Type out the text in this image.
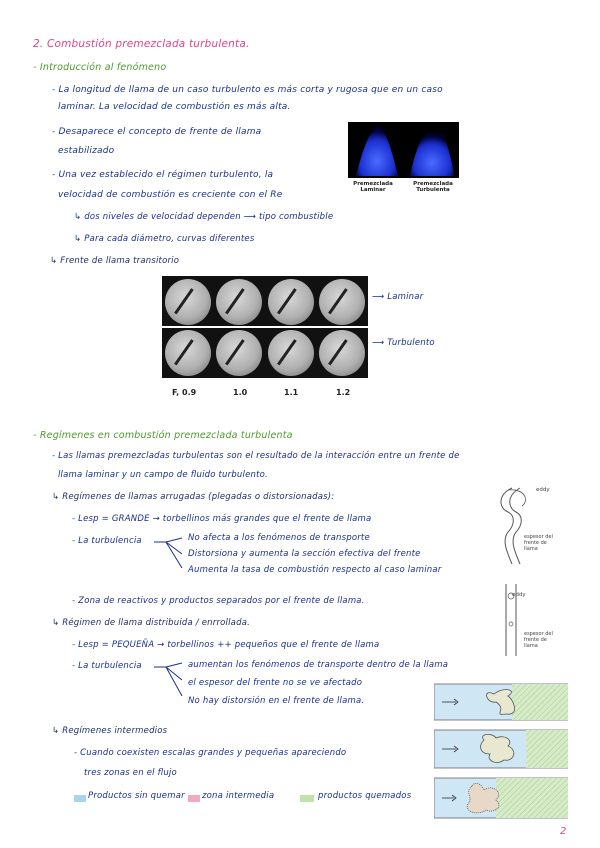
2. Combustión premezclada turbulenta.
- Introducción al fenómeno
- La longitud de llama de un caso turbulento es más corta y rugosa que en un caso
laminar. La velocidad de combustión es más alta.
- Desaparece el concepto de frente de llama
estabilizado
- Una vez establecido el régimen turbulento, la
velocidad de combustión es creciente con el Re
↳ dos niveles de velocidad dependen ⟶ tipo combustible
↳ Para cada diámetro, curvas diferentes
↳ Frente de llama transitorio
Premezclada
Laminar
Premezclada
Turbulenta
⟶ Laminar
⟶ Turbulento
F, 0.9	1.0	1.1	1.2
- Regímenes en combustión premezclada turbulenta
- Las llamas premezcladas turbulentas son el resultado de la interacción entre un frente de
llama laminar y un campo de fluido turbulento.
↳ Regímenes de llamas arrugadas (plegadas o distorsionadas):
- Lesp = GRANDE → torbellinos más grandes que el frente de llama
- La turbulencia	No afecta a los fenómenos de transporte
Distorsiona y aumenta la sección efectiva del frente
Aumenta la tasa de combustión respecto al caso laminar
- Zona de reactivos y productos separados por el frente de llama.
eddy
espesor del
frente de
llama
eddy
espesor del
frente de
llama
↳ Régimen de llama distribuida / enrrollada.
- Lesp = PEQUEÑA → torbellinos ++ pequeños que el frente de llama
- La turbulencia	aumentan los fenómenos de transporte dentro de la llama
el espesor del frente no se ve afectado
No hay distorsión en el frente de llama.
↳ Regímenes intermedios
- Cuando coexisten escalas grandes y pequeñas apareciendo
tres zonas en el flujo
Productos sin quemar zona intermedia	productos quemados
2
